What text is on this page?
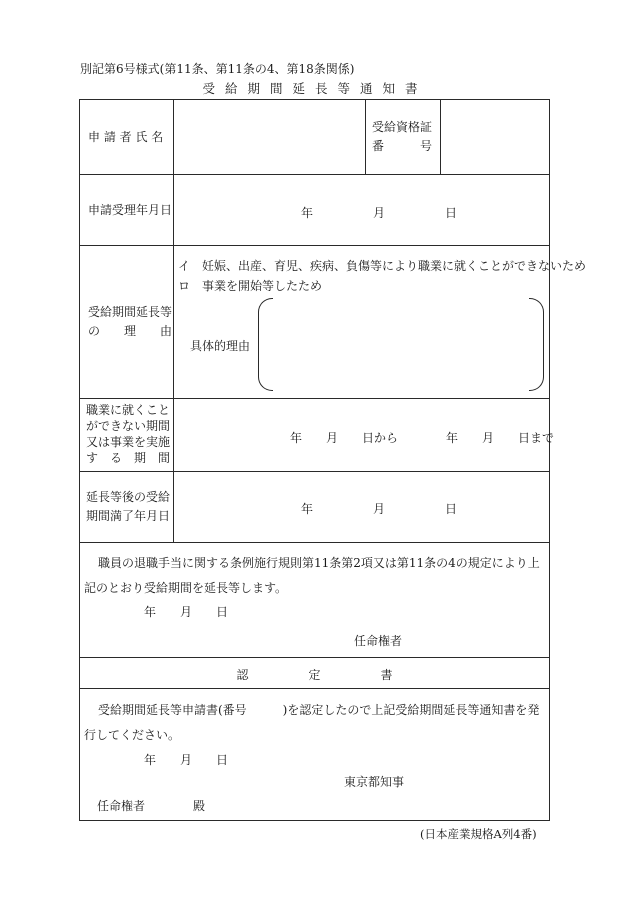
別記第6号様式(第11条、第11条の4、第18条関係)
受給期間延長等通知書
申 請 者 氏 名
受給資格証
番　　　号
申請受理年月日	年　　　　　月　　　　　日
受給期間延長等
の　　理　　由
イ　妊娠、出産、育児、疾病、負傷等により職業に就くことができないため
ロ　事業を開始等したため
具体的理由
職業に就くこと
ができない期間
又は事業を実施
す　る　期　間
年　　月　　日から　　　　年　　月　　日まで
延長等後の受給
期間満了年月日	年　　　　　月　　　　　日
職員の退職手当に関する条例施行規則第11条第2項又は第11条の4の規定により上記のとおり受給期間を延長等します。
年　　月　　日
任命権者
認　　　　　定　　　　　書
受給期間延長等申請書(番号　　　)を認定したので上記受給期間延長等通知書を発行してください。
年　　月　　日
東京都知事
任命権者　　　　殿
(日本産業規格A列4番)
